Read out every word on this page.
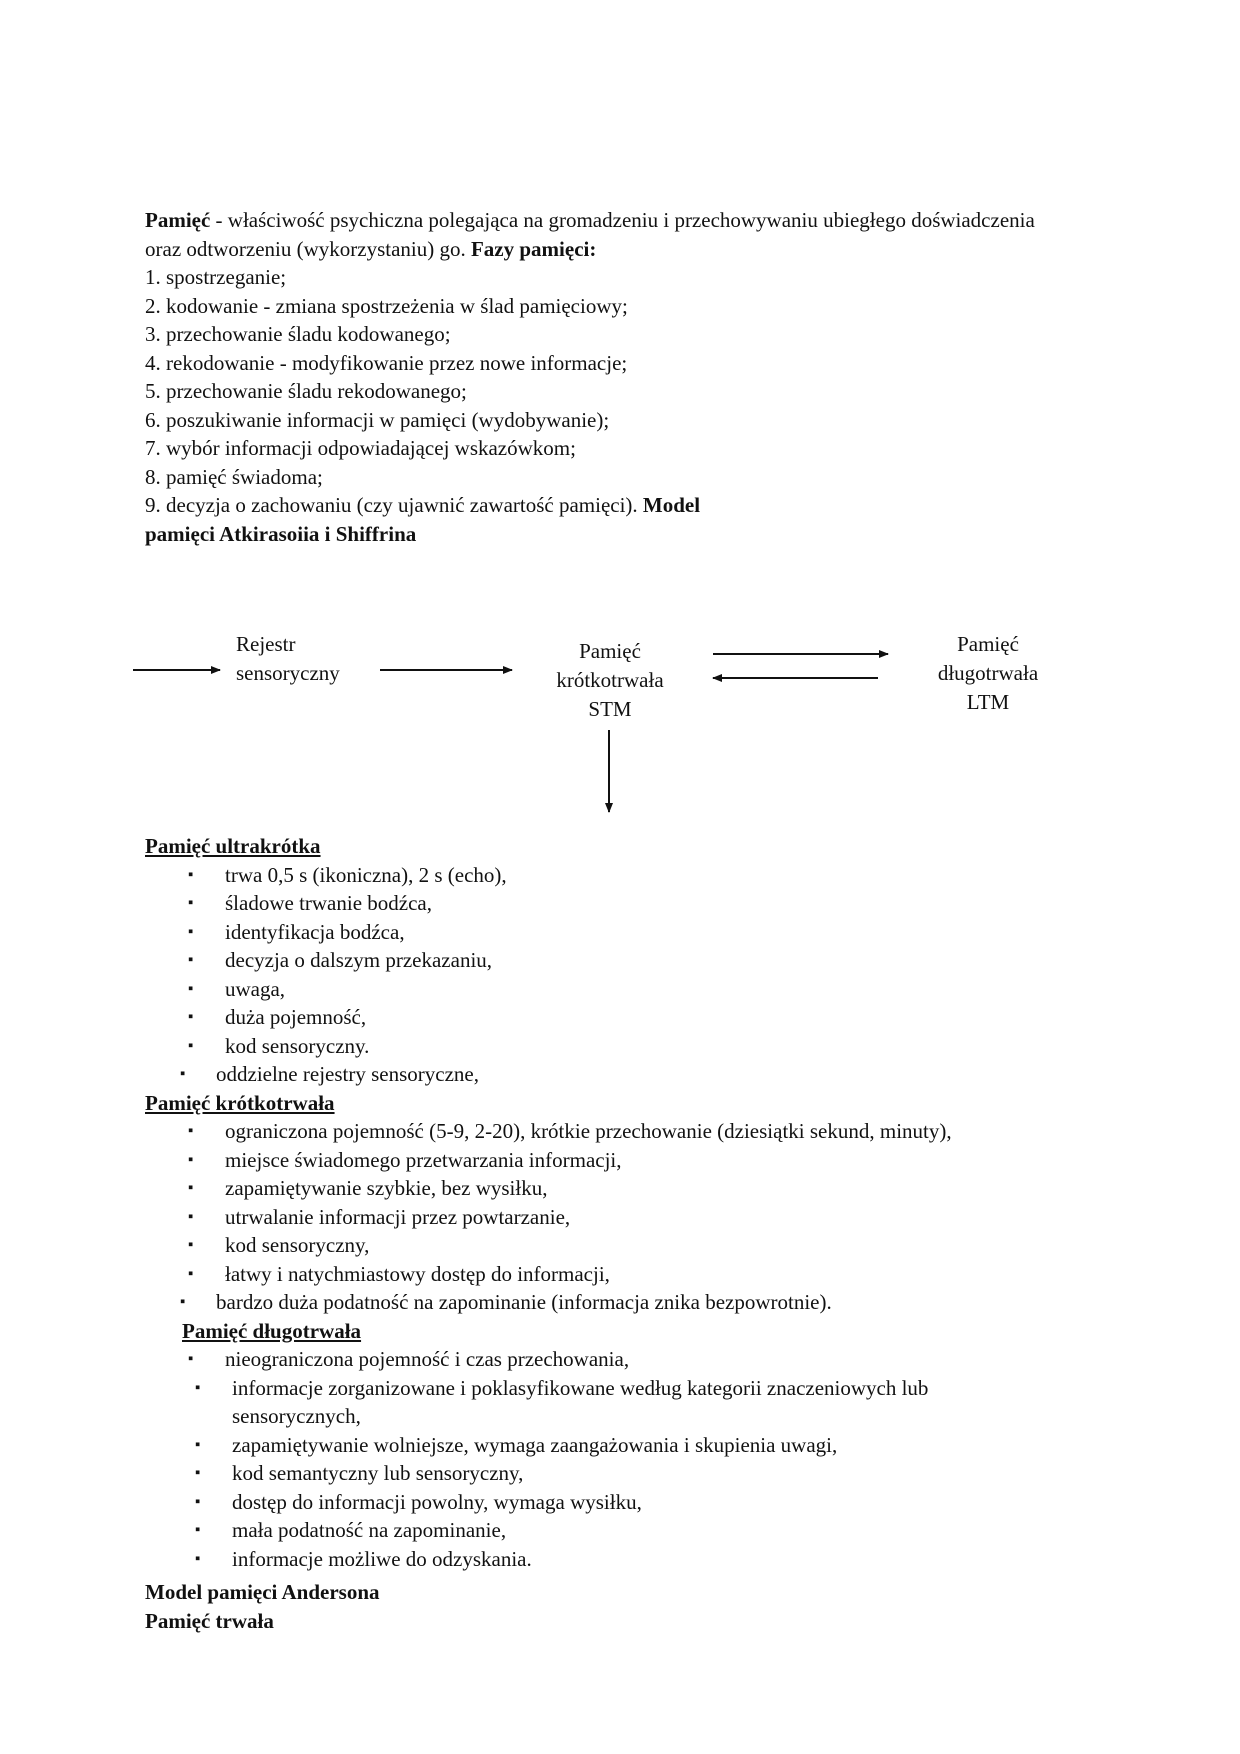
Pamięć - właściwość psychiczna polegająca na gromadzeniu i przechowywaniu ubiegłego doświadczenia oraz odtworzeniu (wykorzystaniu) go. Fazy pamięci:

1. spostrzeganie;

2. kodowanie - zmiana spostrzeżenia w ślad pamięciowy;

3. przechowanie śladu kodowanego;

4. rekodowanie - modyfikowanie przez nowe informacje;

5. przechowanie śladu rekodowanego;

6. poszukiwanie informacji w pamięci (wydobywanie);

7. wybór informacji odpowiadającej wskazówkom;

8. pamięć świadoma;

9. decyzja o zachowaniu (czy ujawnić zawartość pamięci). Model

pamięci Atkirasoiia i Shiffrina

Rejestr
sensoryczny
Pamięć
krótkotrwała
STM
Pamięć
długotrwała
LTM

Pamięć ultrakrótka

▪ trwa 0,5 s (ikoniczna), 2 s (echo),
▪ śladowe trwanie bodźca,
▪ identyfikacja bodźca,
▪ decyzja o dalszym przekazaniu,
▪ uwaga,
▪ duża pojemność,
▪ kod sensoryczny.
▪ oddzielne rejestry sensoryczne,

Pamięć krótkotrwała

▪ ograniczona pojemność (5-9, 2-20), krótkie przechowanie (dziesiątki sekund, minuty),
▪ miejsce świadomego przetwarzania informacji,
▪ zapamiętywanie szybkie, bez wysiłku,
▪ utrwalanie informacji przez powtarzanie,
▪ kod sensoryczny,
▪ łatwy i natychmiastowy dostęp do informacji,
▪ bardzo duża podatność na zapominanie (informacja znika bezpowrotnie).

Pamięć długotrwała

▪ nieograniczona pojemność i czas przechowania,
▪ informacje zorganizowane i poklasyfikowane według kategorii znaczeniowych lub sensorycznych,
▪ zapamiętywanie wolniejsze, wymaga zaangażowania i skupienia uwagi,
▪ kod semantyczny lub sensoryczny,
▪ dostęp do informacji powolny, wymaga wysiłku,
▪ mała podatność na zapominanie,
▪ informacje możliwe do odzyskania.

Model pamięci Andersona

Pamięć trwała
